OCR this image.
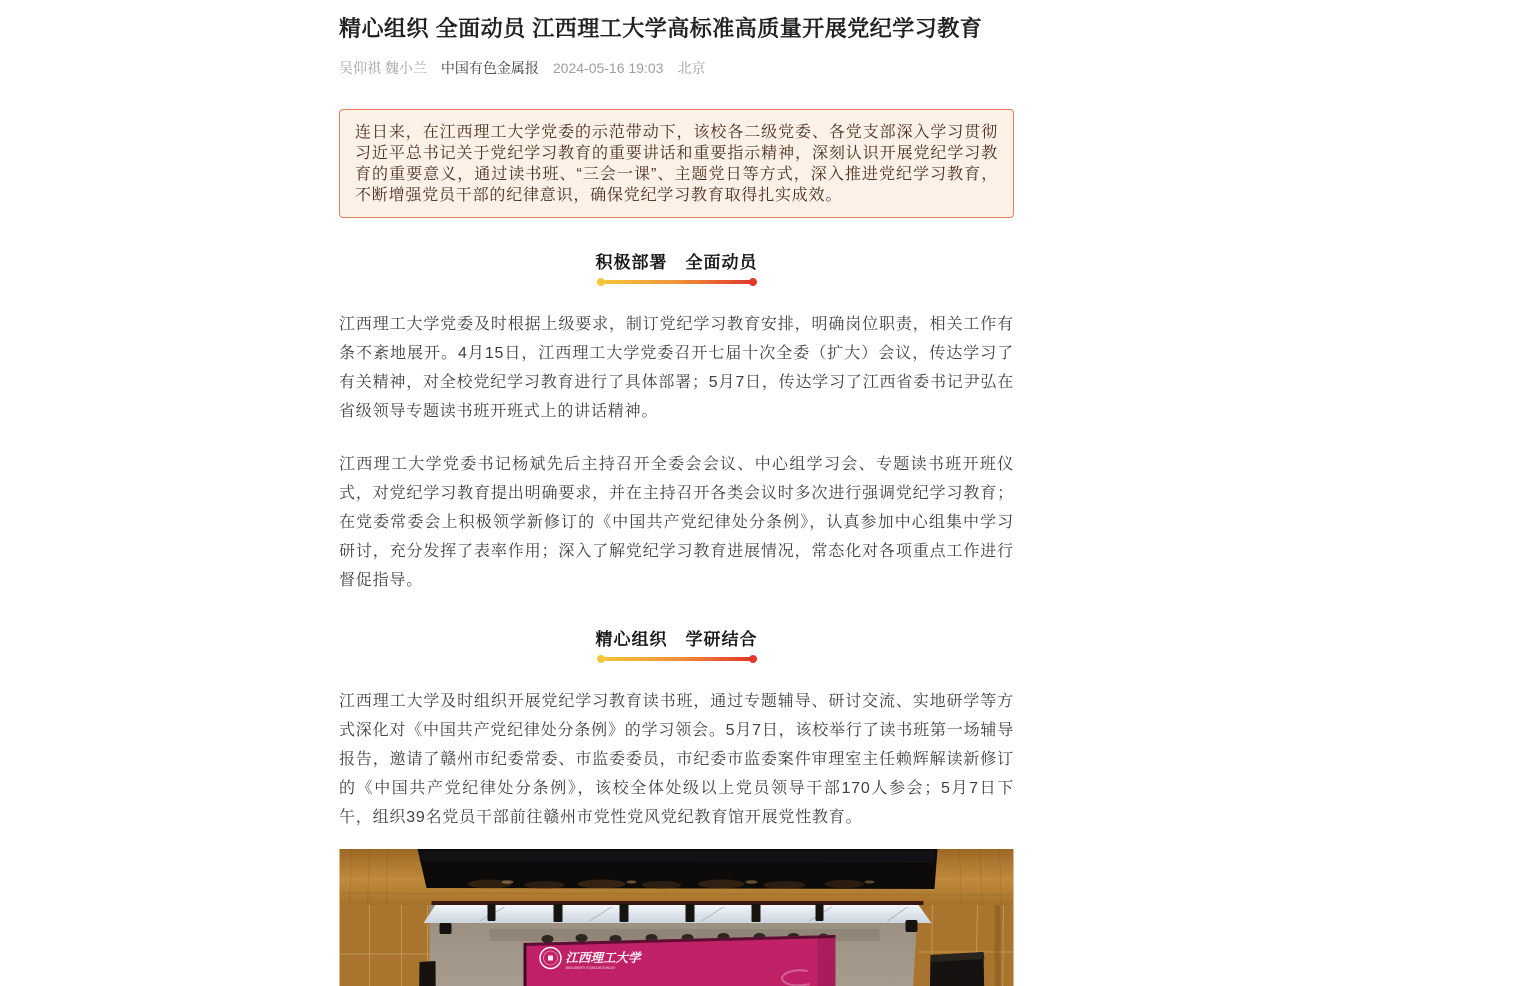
精心组织 全面动员 江西理工大学高标准高质量开展党纪学习教育
吴仰祺 魏小兰 中国有色金属报 2024-05-16 19:03 北京

连日来，在江西理工大学党委的示范带动下，该校各二级党委、各党支部深入学习贯彻习近平总书记关于党纪学习教育的重要讲话和重要指示精神，深刻认识开展党纪学习教育的重要意义，通过读书班、“三会一课”、主题党日等方式，深入推进党纪学习教育，不断增强党员干部的纪律意识，确保党纪学习教育取得扎实成效。

积极部署　全面动员

江西理工大学党委及时根据上级要求，制订党纪学习教育安排，明确岗位职责，相关工作有条不紊地展开。4月15日，江西理工大学党委召开七届十次全委（扩大）会议，传达学习了有关精神，对全校党纪学习教育进行了具体部署；5月7日，传达学习了江西省委书记尹弘在省级领导专题读书班开班式上的讲话精神。

江西理工大学党委书记杨斌先后主持召开全委会会议、中心组学习会、专题读书班开班仪式，对党纪学习教育提出明确要求，并在主持召开各类会议时多次进行强调党纪学习教育；在党委常委会上积极领学新修订的《中国共产党纪律处分条例》，认真参加中心组集中学习研讨，充分发挥了表率作用；深入了解党纪学习教育进展情况，常态化对各项重点工作进行督促指导。

精心组织　学研结合

江西理工大学及时组织开展党纪学习教育读书班，通过专题辅导、研讨交流、实地研学等方式深化对《中国共产党纪律处分条例》的学习领会。5月7日，该校举行了读书班第一场辅导报告，邀请了赣州市纪委常委、市监委委员，市纪委市监委案件审理室主任赖辉解读新修订的《中国共产党纪律处分条例》，该校全体处级以上党员领导干部170人参会；5月7日下午，组织39名党员干部前往赣州市党性党风党纪教育馆开展党性教育。

江西理工大学
JIANGXI UNIVERSITY OF SCIENCE AND TECHNOLOGY
